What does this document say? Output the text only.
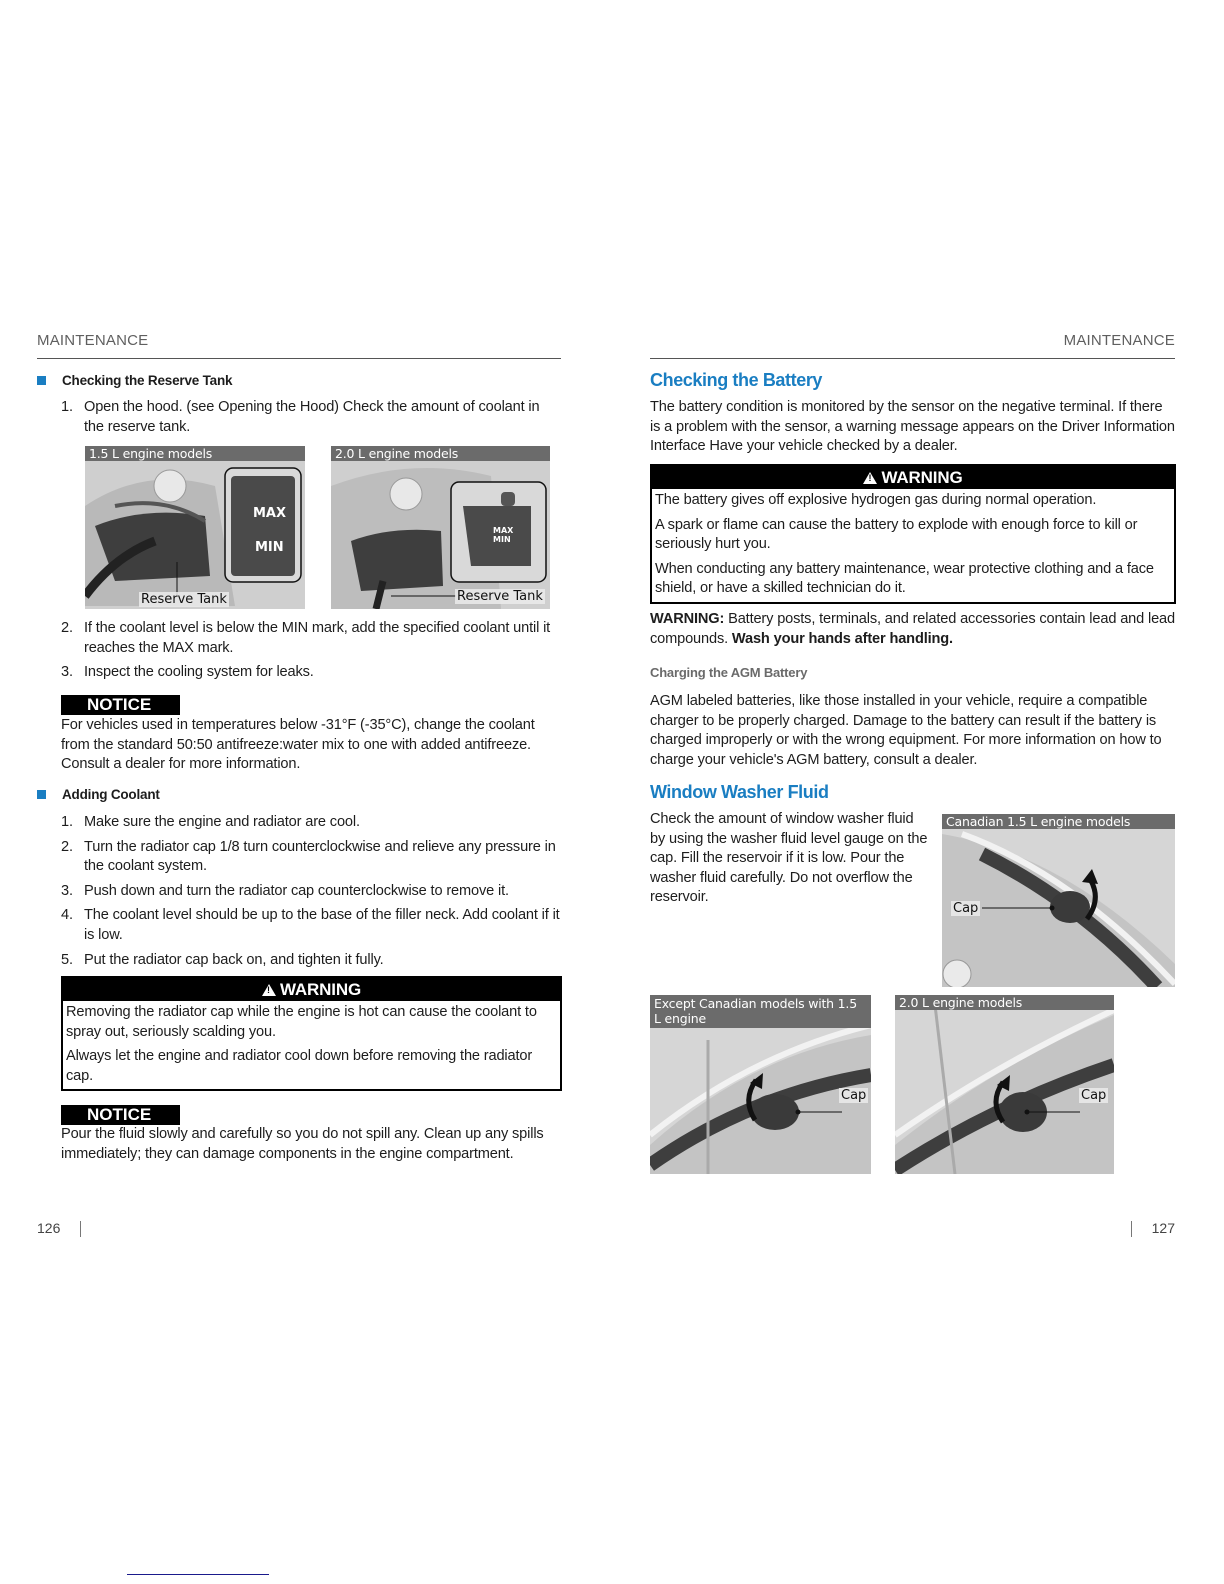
MAINTENANCE
Checking the Reserve Tank
1. Open the hood. (see Opening the Hood) Check the amount of coolant in the reserve tank.
1.5 L engine models
MAX
MIN
Reserve Tank
2.0 L engine models
MAX
MIN
Reserve Tank
2. If the coolant level is below the MIN mark, add the specified coolant until it reaches the MAX mark.
3. Inspect the cooling system for leaks.
NOTICE
For vehicles used in temperatures below -31°F (-35°C), change the coolant from the standard 50:50 antifreeze:water mix to one with added antifreeze. Consult a dealer for more information.
Adding Coolant
1. Make sure the engine and radiator are cool.
2. Turn the radiator cap 1/8 turn counterclockwise and relieve any pressure in the coolant system.
3. Push down and turn the radiator cap counterclockwise to remove it.
4. The coolant level should be up to the base of the filler neck. Add coolant if it is low.
5. Put the radiator cap back on, and tighten it fully.
!WARNING

Removing the radiator cap while the engine is hot can cause the coolant to spray out, seriously scalding you.

Always let the engine and radiator cool down before removing the radiator cap.

NOTICE
Pour the fluid slowly and carefully so you do not spill any. Clean up any spills immediately; they can damage components in the engine compartment.
126
MAINTENANCE
Checking the Battery
The battery condition is monitored by the sensor on the negative terminal. If there is a problem with the sensor, a warning message appears on the Driver Information Interface Have your vehicle checked by a dealer.
!WARNING

The battery gives off explosive hydrogen gas during normal operation.

A spark or flame can cause the battery to explode with enough force to kill or seriously hurt you.

When conducting any battery maintenance, wear protective clothing and a face shield, or have a skilled technician do it.

WARNING: Battery posts, terminals, and related accessories contain lead and lead compounds. Wash your hands after handling.
Charging the AGM Battery
AGM labeled batteries, like those installed in your vehicle, require a compatible charger to be properly charged. Damage to the battery can result if the battery is charged improperly or with the wrong equipment. For more information on how to charge your vehicle's AGM battery, consult a dealer.
Window Washer Fluid
Check the amount of window washer fluid by using the washer fluid level gauge on the cap. Fill the reservoir if it is low. Pour the washer fluid carefully. Do not overflow the reservoir.
Canadian 1.5 L engine models
Cap
Except Canadian models with 1.5 L engine
Cap
2.0 L engine models
Cap
127
